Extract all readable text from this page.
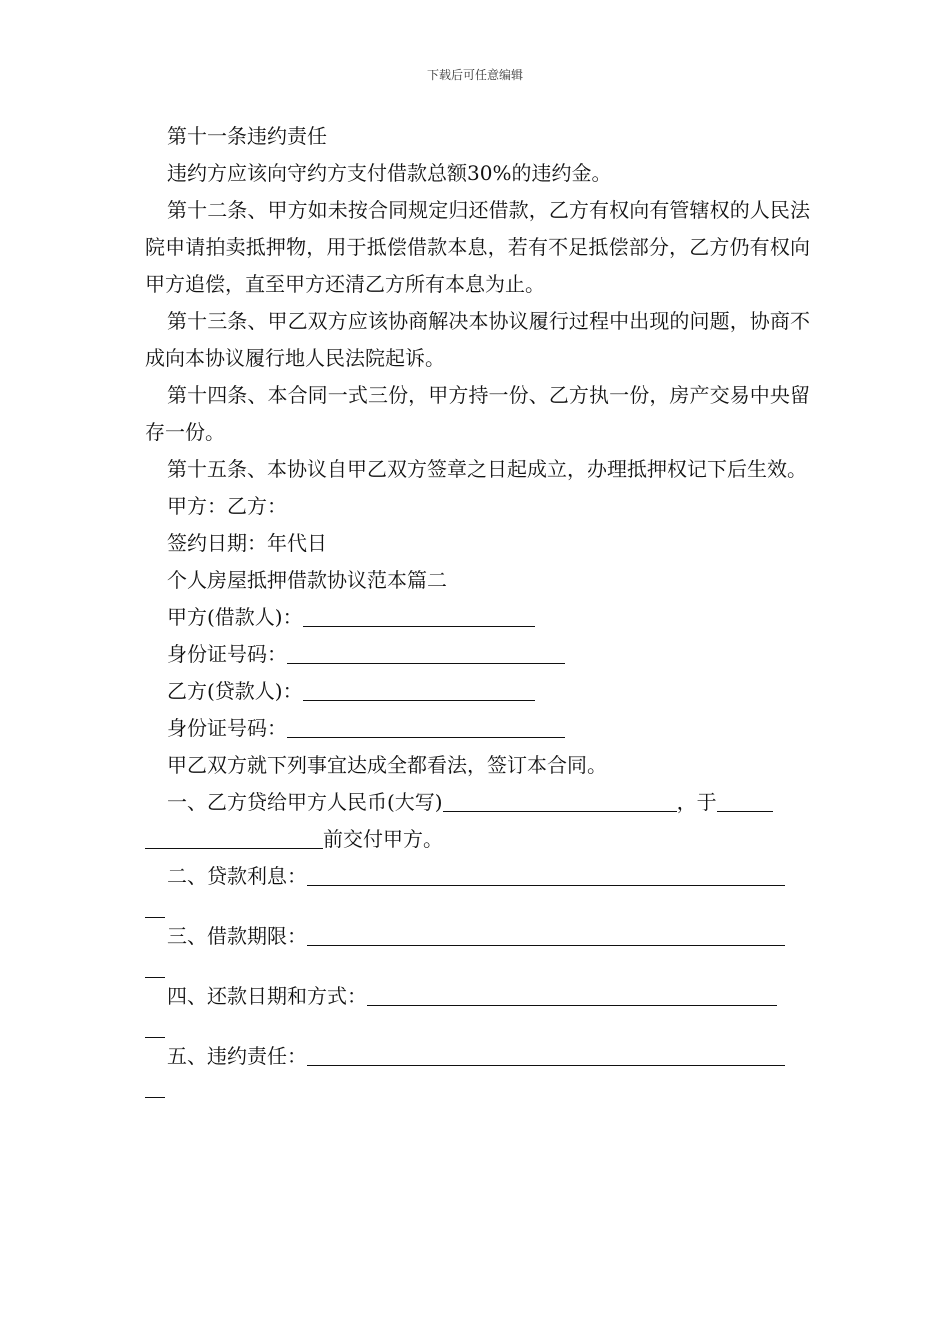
下载后可任意编辑
第十一条违约责任
违约方应该向守约方支付借款总额30%的违约金。
第十二条、甲方如未按合同规定归还借款，乙方有权向有管辖权的人民法院申请拍卖抵押物，用于抵偿借款本息，若有不足抵偿部分，乙方仍有权向甲方追偿，直至甲方还清乙方所有本息为止。
第十三条、甲乙双方应该协商解决本协议履行过程中出现的问题，协商不成向本协议履行地人民法院起诉。
第十四条、本合同一式三份，甲方持一份、乙方执一份，房产交易中央留存一份。
第十五条、本协议自甲乙双方签章之日起成立，办理抵押权记下后生效。
甲方：乙方：
签约日期：年代日
个人房屋抵押借款协议范本篇二
甲方(借款人)：
身份证号码：
乙方(贷款人)：
身份证号码：
甲乙双方就下列事宜达成全都看法，签订本合同。
一、乙方贷给甲方人民币(大写)	，于
前交付甲方。
二、贷款利息：
三、借款期限：
四、还款日期和方式：
五、违约责任：
